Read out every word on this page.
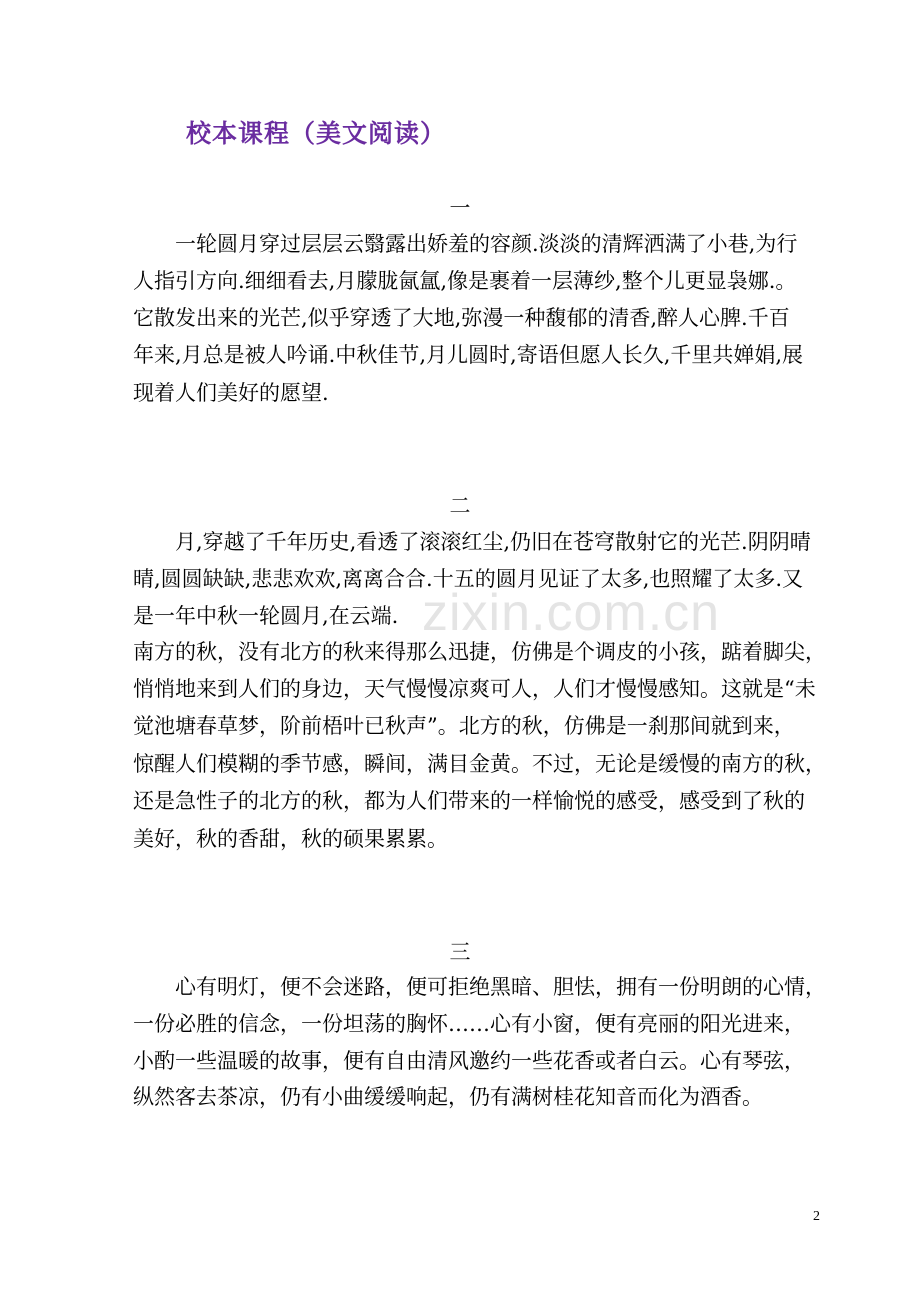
zixin.com.cn
校本课程（美文阅读）
一
一轮圆月穿过层层云翳露出娇羞的容颜.淡淡的清辉洒满了小巷,为行
人指引方向.细细看去,月朦胧氤氲,像是裹着一层薄纱,整个儿更显袅娜.。
它散发出来的光芒,似乎穿透了大地,弥漫一种馥郁的清香,醉人心脾.千百
年来,月总是被人吟诵.中秋佳节,月儿圆时,寄语但愿人长久,千里共婵娟,展
现着人们美好的愿望.
二
月,穿越了千年历史,看透了滚滚红尘,仍旧在苍穹散射它的光芒.阴阴晴
晴,圆圆缺缺,悲悲欢欢,离离合合.十五的圆月见证了太多,也照耀了太多.又
是一年中秋一轮圆月,在云端.
南方的秋，没有北方的秋来得那么迅捷，仿佛是个调皮的小孩，踮着脚尖，
悄悄地来到人们的身边，天气慢慢凉爽可人，人们才慢慢感知。这就是“未
觉池塘春草梦，阶前梧叶已秋声”。北方的秋，仿佛是一刹那间就到来，
惊醒人们模糊的季节感，瞬间，满目金黄。不过，无论是缓慢的南方的秋，
还是急性子的北方的秋，都为人们带来的一样愉悦的感受，感受到了秋的
美好，秋的香甜，秋的硕果累累。
三
心有明灯，便不会迷路，便可拒绝黑暗、胆怯，拥有一份明朗的心情，
一份必胜的信念，一份坦荡的胸怀……心有小窗，便有亮丽的阳光进来，
小酌一些温暖的故事，便有自由清风邀约一些花香或者白云。心有琴弦，
纵然客去茶凉，仍有小曲缓缓响起，仍有满树桂花知音而化为酒香。
2
